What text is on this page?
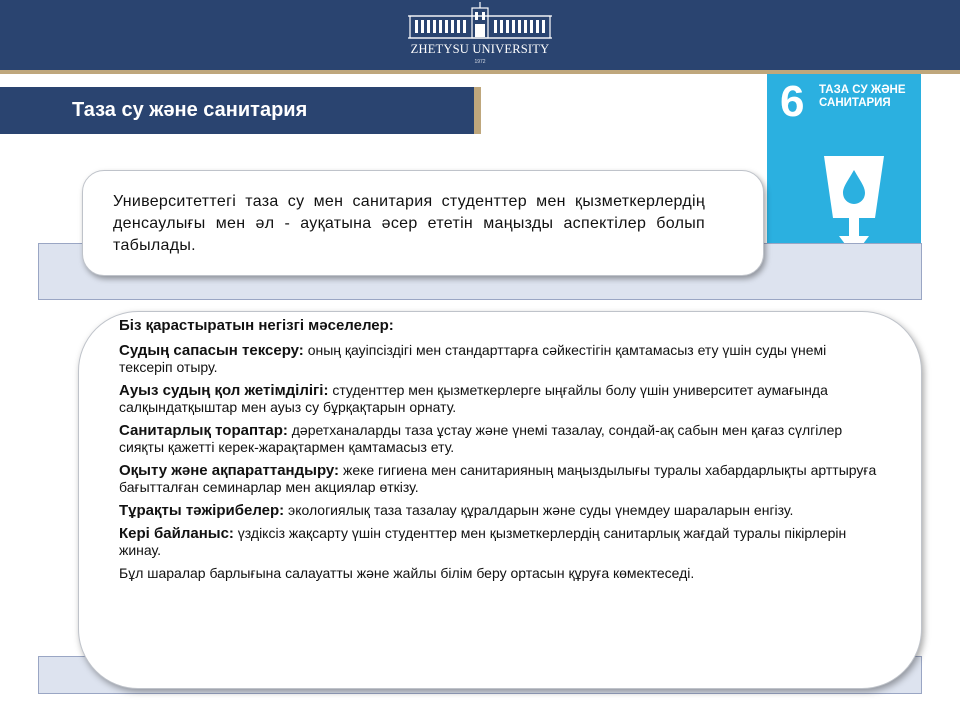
ZHETYSU UNIVERSITY
1972
Таза су және санитария	6 ТАЗА СУ ЖӘНЕ
САНИТАРИЯ
Университеттегі таза су мен санитария студенттер мен қызметкерлердің денсаулығы мен әл - ауқатына әсер ететін маңызды аспектілер болып табылады.

Біз қарастыратын негізгі мәселелер:

Судың сапасын тексеру: оның қауіпсіздігі мен стандарттарға сәйкестігін қамтамасыз ету үшін суды үнемі тексеріп отыру.

Ауыз судың қол жетімділігі: студенттер мен қызметкерлерге ыңғайлы болу үшін университет аумағында салқындатқыштар мен ауыз су бұрқақтарын орнату.

Санитарлық тораптар: дәретханаларды таза ұстау және үнемі тазалау, сондай-ақ сабын мен қағаз сүлгілер сияқты қажетті керек-жарақтармен қамтамасыз ету.

Оқыту және ақпараттандыру: жеке гигиена мен санитарияның маңыздылығы туралы хабардарлықты арттыруға бағытталған семинарлар мен акциялар өткізу.

Тұрақты тәжірибелер: экологиялық таза тазалау құралдарын және суды үнемдеу шараларын енгізу.

Кері байланыс: үздіксіз жақсарту үшін студенттер мен қызметкерлердің санитарлық жағдай туралы пікірлерін жинау.

Бұл шаралар барлығына салауатты және жайлы білім беру ортасын құруға көмектеседі.
